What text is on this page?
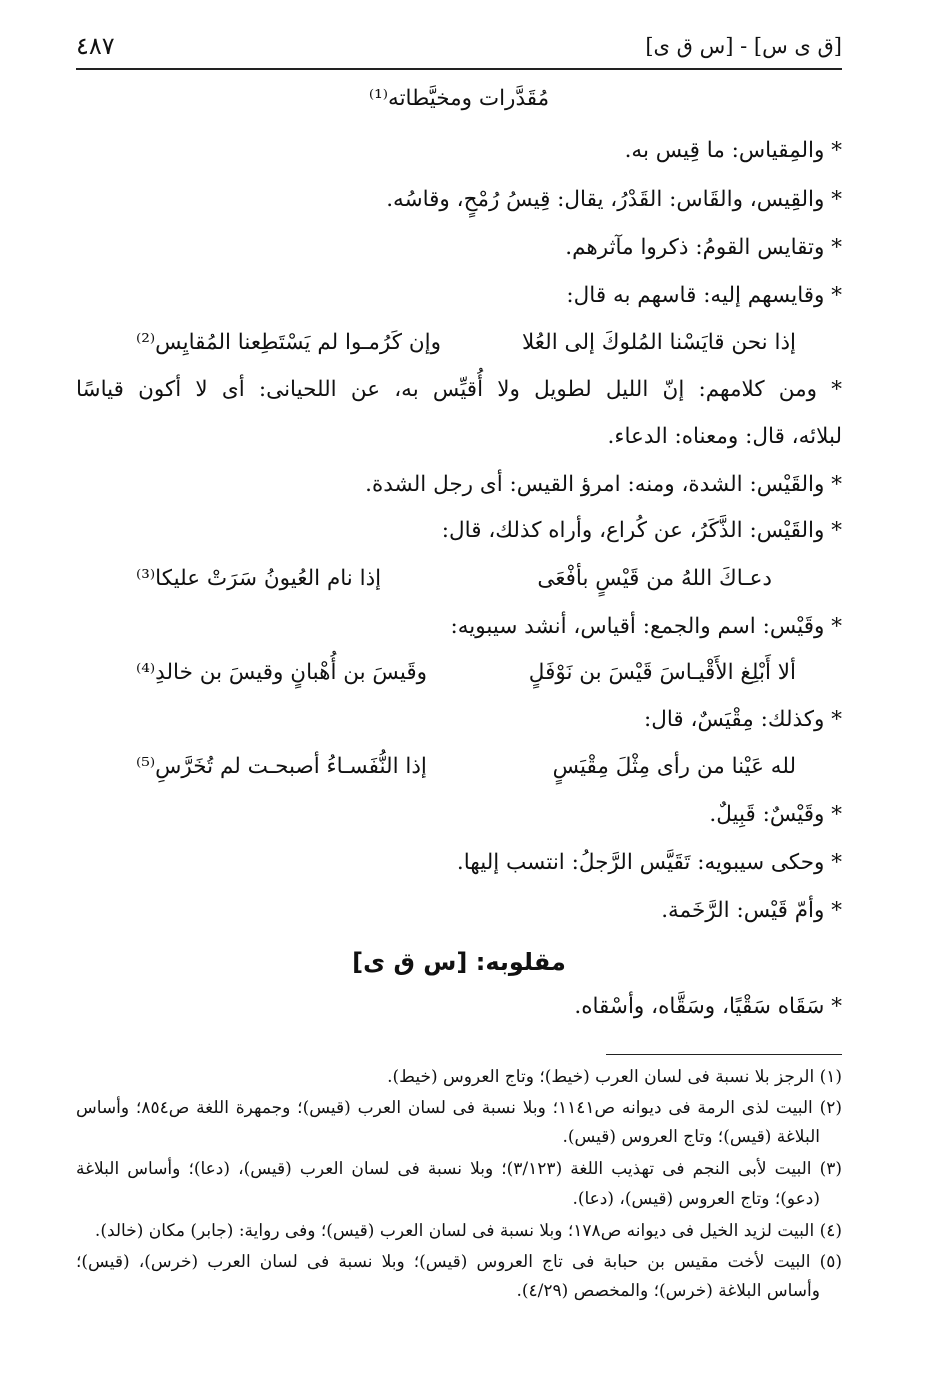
[ق ى س] - [س ق ى]
٤٨٧
مُقَدَّرات ومخيَّطاته⁽¹⁾
* والمِقياس: ما قِيس به.
* والقِيس، والقَاس: القَدْرُ، يقال: قِيسُ رُمْحٍ، وقاسُه.
* وتقايس القومُ: ذكروا مآثرهم.
* وقايسهم إليه: قاسهم به قال:
إذا نحن قايَسْنا المُلوكَ إلى العُلا
وإن كَرُمـوا لم يَسْتَطِعنا المُقايِس⁽²⁾
* ومن كلامهم: إنّ الليل لطويل ولا أُقيِّس به، عن اللحيانى: أى لا أكون قياسًا
لبلائه، قال: ومعناه: الدعاء.
* والقَيْس: الشدة، ومنه: امرؤ القيس: أى رجل الشدة.
* والقَيْس: الذَّكَرُ، عن كُراع، وأراه كذلك، قال:
دعـاكَ اللهُ من قَيْسٍ بأفْعَى
إذا نام العُيونُ سَرَتْ عليكا⁽³⁾
* وقَيْس: اسم والجمع: أقياس، أنشد سيبويه:
ألا أَبْلِغ الأَقْيـاسَ قَيْسَ بن نَوْفَلٍ
وقَيسَ بن أُهْبانٍ وقيسَ بن خالدِ⁽⁴⁾
* وكذلك: مِقْيَسٌ، قال:
لله عَيْنا من رأى مِثْلَ مِقْيَسٍ
إذا النُّفَسـاءُ أصبحـت لم تُخَرَّسِ⁽⁵⁾
* وقَيْسٌ: قَبِيلٌ.
* وحكى سيبويه: تَقَيَّس الرَّجلُ: انتسب إليها.
* وأمّ قَيْس: الرَّخَمة.
مقلوبه: [س ق ى]
* سَقَاه سَقْيًا، وسَقَّاه، وأسْقاه.
(١) الرجز بلا نسبة فى لسان العرب (خيط)؛ وتاج العروس (خيط).
(٢) البيت لذى الرمة فى ديوانه ص١١٤١؛ وبلا نسبة فى لسان العرب (قيس)؛ وجمهرة اللغة ص٨٥٤؛ وأساس
البلاغة (قيس)؛ وتاج العروس (قيس).
(٣) البيت لأبى النجم فى تهذيب اللغة (٣/١٢٣)؛ وبلا نسبة فى لسان العرب (قيس)، (دعا)؛ وأساس البلاغة
(دعو)؛ وتاج العروس (قيس)، (دعا).
(٤) البيت لزيد الخيل فى ديوانه ص١٧٨؛ وبلا نسبة فى لسان العرب (قيس)؛ وفى رواية: (جابر) مكان (خالد).
(٥) البيت لأخت مقيس بن حبابة فى تاج العروس (قيس)؛ وبلا نسبة فى لسان العرب (خرس)، (قيس)؛
وأساس البلاغة (خرس)؛ والمخصص (٤/٢٩).
